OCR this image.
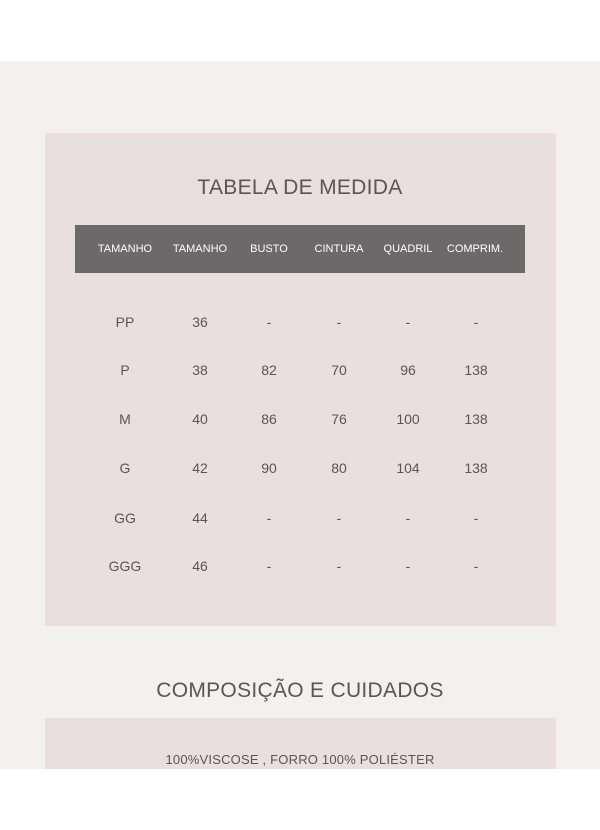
TABELA DE MEDIDA
TAMANHO	TAMANHO	BUSTO	CINTURA	QUADRIL	COMPRIM.
PP	36	-	-	-	-
P	38	82	70	96	138
M	40	86	76	100	138
G	42	90	80	104	138
GG	44	-	-	-	-
GGG	46	-	-	-	-
COMPOSIÇÃO E CUIDADOS
100%VISCOSE , FORRO 100% POLIÉSTER
